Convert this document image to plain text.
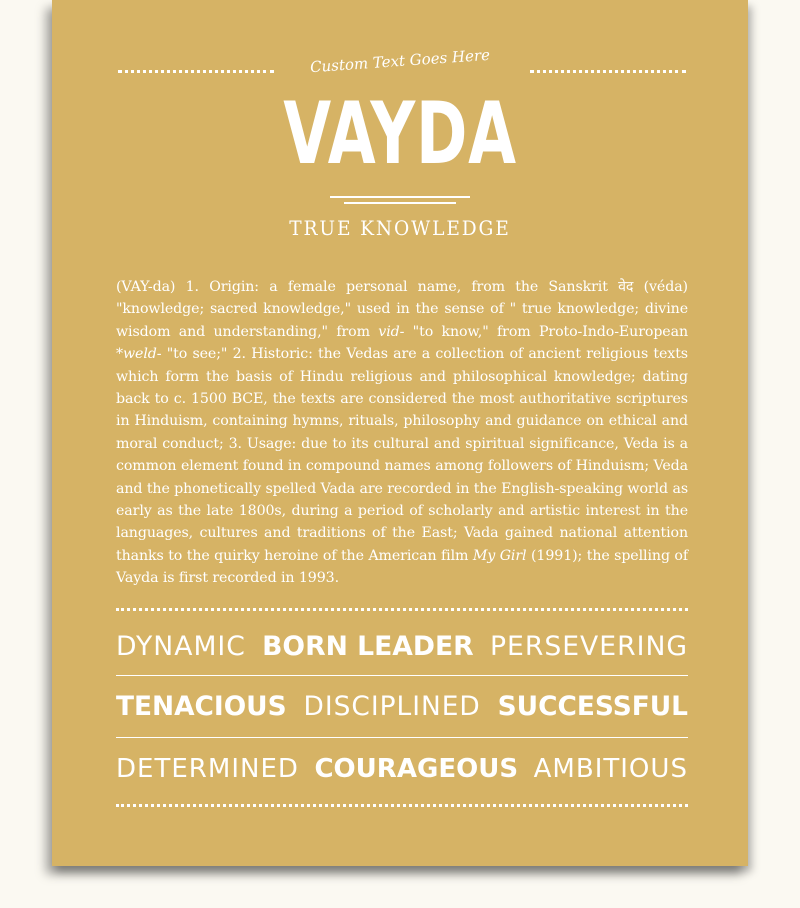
Custom Text Goes Here
VAYDA
TRUE KNOWLEDGE
(VAY-da) 1. Origin: a female personal name, from the Sanskrit वेद (véda) "knowledge; sacred knowledge," used in the sense of " true knowledge; divine wisdom and understanding," from vid- "to know," from Proto-Indo-European *weld- "to see;" 2. Historic: the Vedas are a collection of ancient religious texts which form the basis of Hindu religious and philosophical knowledge; dating back to c. 1500 BCE, the texts are considered the most authoritative scriptures in Hinduism, containing hymns, rituals, philosophy and guidance on ethical and moral conduct; 3. Usage: due to its cultural and spiritual significance, Veda is a common element found in compound names among followers of Hinduism; Veda and the phonetically spelled Vada are recorded in the English-speaking world as early as the late 1800s, during a period of scholarly and artistic interest in the languages, cultures and traditions of the East; Vada gained national attention thanks to the quirky heroine of the American film My Girl (1991); the spelling of Vayda is first recorded in 1993.
DYNAMIC BORN LEADER PERSEVERING
TENACIOUS DISCIPLINED SUCCESSFUL
DETERMINED COURAGEOUS AMBITIOUS
